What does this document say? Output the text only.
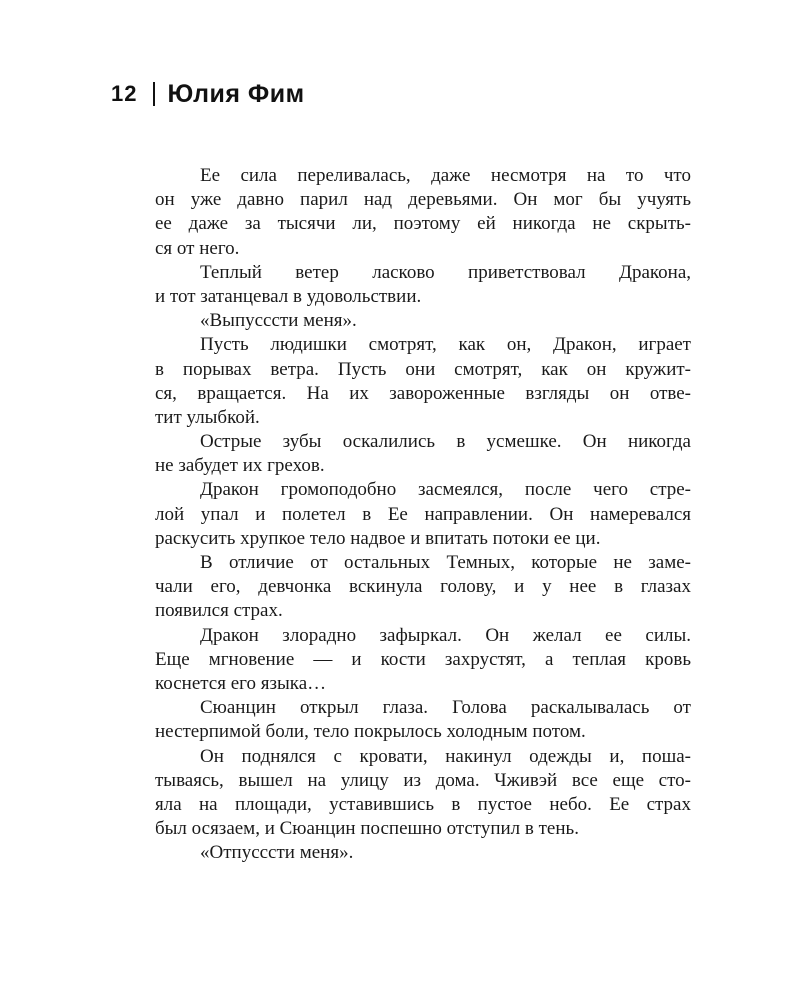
12 Юлия Фим
Ее сила переливалась, даже несмотря на то что
он уже давно парил над деревьями. Он мог бы учуять
ее даже за тысячи ли, поэтому ей никогда не скрыть-
ся от него.
Теплый ветер ласково приветствовал Дракона,
и тот затанцевал в удовольствии.
«Выпусссти меня».
Пусть людишки смотрят, как он, Дракон, играет
в порывах ветра. Пусть они смотрят, как он кружит-
ся, вращается. На их завороженные взгляды он отве-
тит улыбкой.
Острые зубы оскалились в усмешке. Он никогда
не забудет их грехов.
Дракон громоподобно засмеялся, после чего стре-
лой упал и полетел в Ее направлении. Он намеревался
раскусить хрупкое тело надвое и впитать потоки ее ци.
В отличие от остальных Темных, которые не заме-
чали его, девчонка вскинула голову, и у нее в глазах
появился страх.
Дракон злорадно зафыркал. Он желал ее силы.
Еще мгновение — и кости захрустят, а теплая кровь
коснется его языка…
Сюанцин открыл глаза. Голова раскалывалась от
нестерпимой боли, тело покрылось холодным потом.
Он поднялся с кровати, накинул одежды и, поша-
тываясь, вышел на улицу из дома. Чживэй все еще сто-
яла на площади, уставившись в пустое небо. Ее страх
был осязаем, и Сюанцин поспешно отступил в тень.
«Отпусссти меня».
